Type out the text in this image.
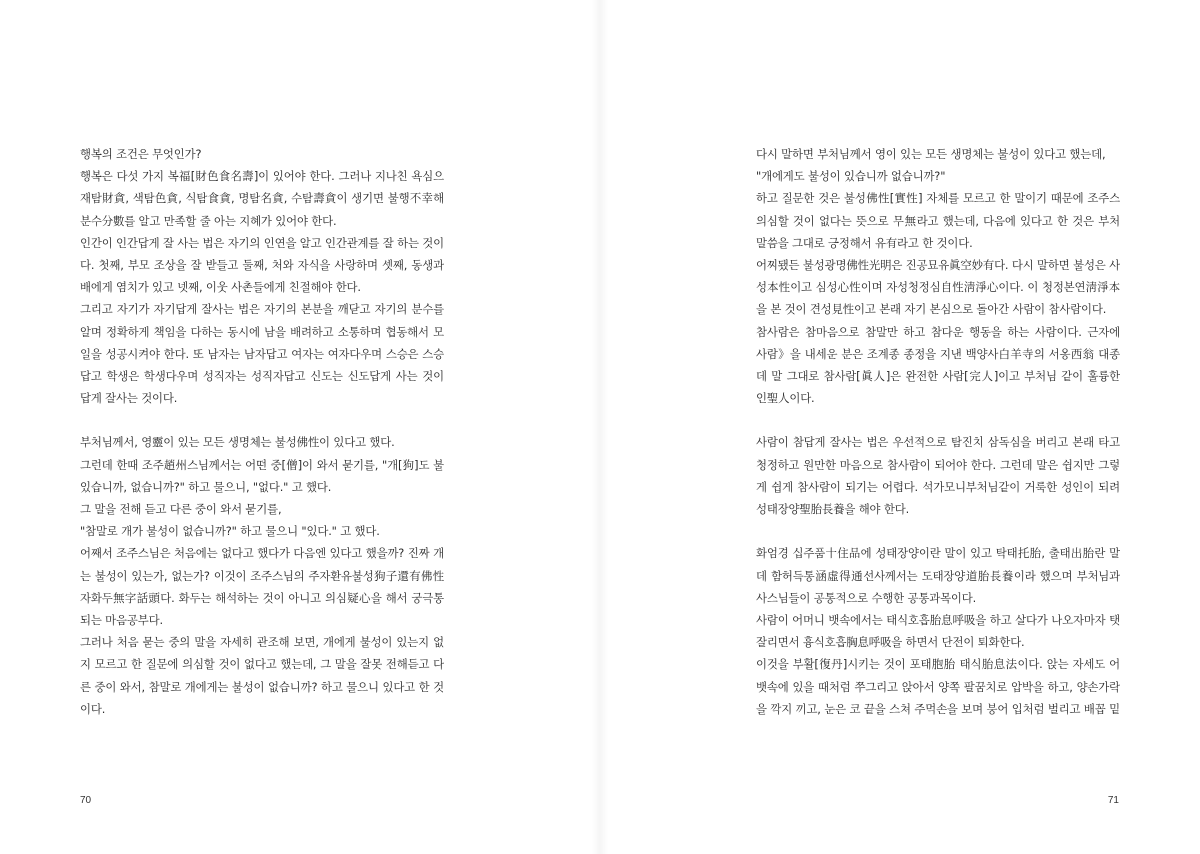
행복의 조건은 무엇인가?
행복은 다섯 가지 복福[財色食名壽]이 있어야 한다. 그러나 지나친 욕심으
재탐財貪, 색탐色貪, 식탐食貪, 명탐名貪, 수탐壽貪이 생기면 불행不幸해
분수分數를 알고 만족할 줄 아는 지혜가 있어야 한다.
인간이 인간답게 잘 사는 법은 자기의 인연을 알고 인간관계를 잘 하는 것이
다. 첫째, 부모 조상을 잘 받들고 둘째, 처와 자식을 사랑하며 셋째, 동생과
배에게 염치가 있고 넷째, 이웃 사촌들에게 친절해야 한다.
그리고 자기가 자기답게 잘사는 법은 자기의 본분을 깨닫고 자기의 분수를
알며 정확하게 책임을 다하는 동시에 남을 배려하고 소통하며 협동해서 모
일을 성공시켜야 한다. 또 남자는 남자답고 여자는 여자다우며 스승은 스승
답고 학생은 학생다우며 성직자는 성직자답고 신도는 신도답게 사는 것이
답게 잘사는 것이다.
부처님께서, 영靈이 있는 모든 생명체는 불성佛性이 있다고 했다.
그런데 한때 조주趙州스님께서는 어떤 중[僧]이 와서 묻기를, "개[狗]도 불
있습니까, 없습니까?" 하고 물으니, "없다." 고 했다.
그 말을 전해 듣고 다른 중이 와서 묻기를,
"참말로 개가 불성이 없습니까?" 하고 물으니 "있다." 고 했다.
어째서 조주스님은 처음에는 없다고 했다가 다음엔 있다고 했을까? 진짜 개
는 불성이 있는가, 없는가? 이것이 조주스님의 주자환유불성狗子還有佛性
자화두無字話頭다. 화두는 해석하는 것이 아니고 의심疑心을 해서 궁극통
되는 마음공부다.
그러나 처음 묻는 중의 말을 자세히 관조해 보면, 개에게 불성이 있는지 없
지 모르고 한 질문에 의심할 것이 없다고 했는데, 그 말을 잘못 전해듣고 다
른 중이 와서, 참말로 개에게는 불성이 없습니까? 하고 물으니 있다고 한 것
이다.
70
다시 말하면 부처님께서 영이 있는 모든 생명체는 불성이 있다고 했는데,
"개에게도 불성이 있습니까 없습니까?"
하고 질문한 것은 불성佛性[實性] 자체를 모르고 한 말이기 때문에 조주스
의심할 것이 없다는 뜻으로 무無라고 했는데, 다음에 있다고 한 것은 부처
말씀을 그대로 긍정해서 유有라고 한 것이다.
어찌됐든 불성광명佛性光明은 진공묘유眞空妙有다. 다시 말하면 불성은 사
성本性이고 심성心性이며 자성청정심自性淸淨心이다. 이 청정본연淸淨本
을 본 것이 견성見性이고 본래 자기 본심으로 돌아간 사람이 참사람이다.
참사람은 참마음으로 참말만 하고 참다운 행동을 하는 사람이다. 근자에
사람》을 내세운 분은 조계종 종정을 지낸 백양사白羊寺의 서옹西翁 대종
데 말 그대로 참사람[眞人]은 완전한 사람[完人]이고 부처님 같이 훌륭한
인聖人이다.
사람이 참답게 잘사는 법은 우선적으로 탐진치 삼독심을 버리고 본래 타고
청정하고 원만한 마음으로 참사람이 되어야 한다. 그런데 말은 쉽지만 그렇
게 쉽게 참사람이 되기는 어렵다. 석가모니부처님같이 거룩한 성인이 되려
성태장양聖胎長養을 해야 한다.
화엄경 십주품十住品에 성태장양이란 말이 있고 탁태托胎, 출태出胎란 말
데 함허득통涵虛得通선사께서는 도태장양道胎長養이라 했으며 부처님과
사스님들이 공통적으로 수행한 공통과목이다.
사람이 어머니 뱃속에서는 태식호흡胎息呼吸을 하고 살다가 나오자마자 탯
잘리면서 흉식호흡胸息呼吸을 하면서 단전이 퇴화한다.
이것을 부활[復丹]시키는 것이 포태胞胎 태식胎息法이다. 앉는 자세도 어
뱃속에 있을 때처럼 쭈그리고 앉아서 양쪽 팔꿈치로 압박을 하고, 양손가락
을 깍지 끼고, 눈은 코 끝을 스쳐 주먹손을 보며 붕어 입처럼 벌리고 배꼽 밑
71
